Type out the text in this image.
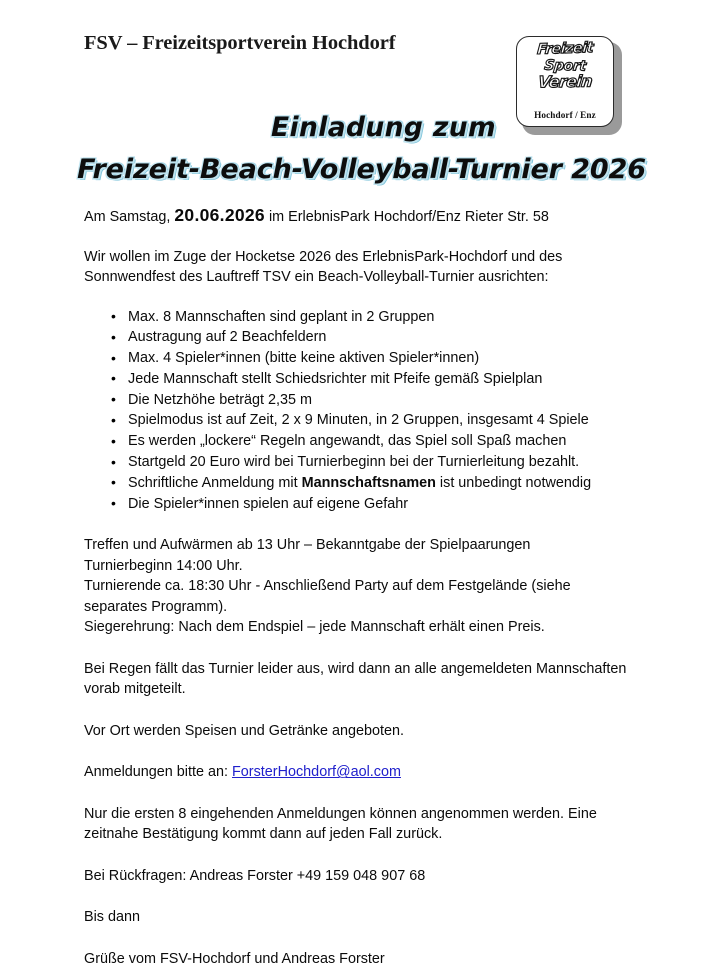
FSV – Freizeitsportverein Hochdorf	Freizeit
Sport
Verein
Hochdorf / Enz
Einladung zum
Freizeit-Beach-Volleyball-Turnier 2026

Am Samstag, 20.06.2026 im ErlebnisPark Hochdorf/Enz Rieter Str. 58

Wir wollen im Zuge der Hocketse 2026 des ErlebnisPark-Hochdorf und des Sonnwendfest des Lauftreff TSV ein Beach-Volleyball-Turnier ausrichten:

• Max. 8 Mannschaften sind geplant in 2 Gruppen
• Austragung auf 2 Beachfeldern
• Max. 4 Spieler*innen (bitte keine aktiven Spieler*innen)
• Jede Mannschaft stellt Schiedsrichter mit Pfeife gemäß Spielplan
• Die Netzhöhe beträgt 2,35 m
• Spielmodus ist auf Zeit, 2 x 9 Minuten, in 2 Gruppen, insgesamt 4 Spiele
• Es werden „lockere“ Regeln angewandt, das Spiel soll Spaß machen
• Startgeld 20 Euro wird bei Turnierbeginn bei der Turnierleitung bezahlt.
• Schriftliche Anmeldung mit Mannschaftsnamen ist unbedingt notwendig
• Die Spieler*innen spielen auf eigene Gefahr

Treffen und Aufwärmen ab 13 Uhr – Bekanntgabe der Spielpaarungen

Turnierbeginn 14:00 Uhr.

Turnierende ca. 18:30 Uhr - Anschließend Party auf dem Festgelände (siehe separates Programm).

Siegerehrung: Nach dem Endspiel – jede Mannschaft erhält einen Preis.

Bei Regen fällt das Turnier leider aus, wird dann an alle angemeldeten Mannschaften vorab mitgeteilt.

Vor Ort werden Speisen und Getränke angeboten.

Anmeldungen bitte an: ForsterHochdorf@aol.com

Nur die ersten 8 eingehenden Anmeldungen können angenommen werden. Eine zeitnahe Bestätigung kommt dann auf jeden Fall zurück.

Bei Rückfragen: Andreas Forster +49 159 048 907 68

Bis dann

Grüße vom FSV-Hochdorf und Andreas Forster
